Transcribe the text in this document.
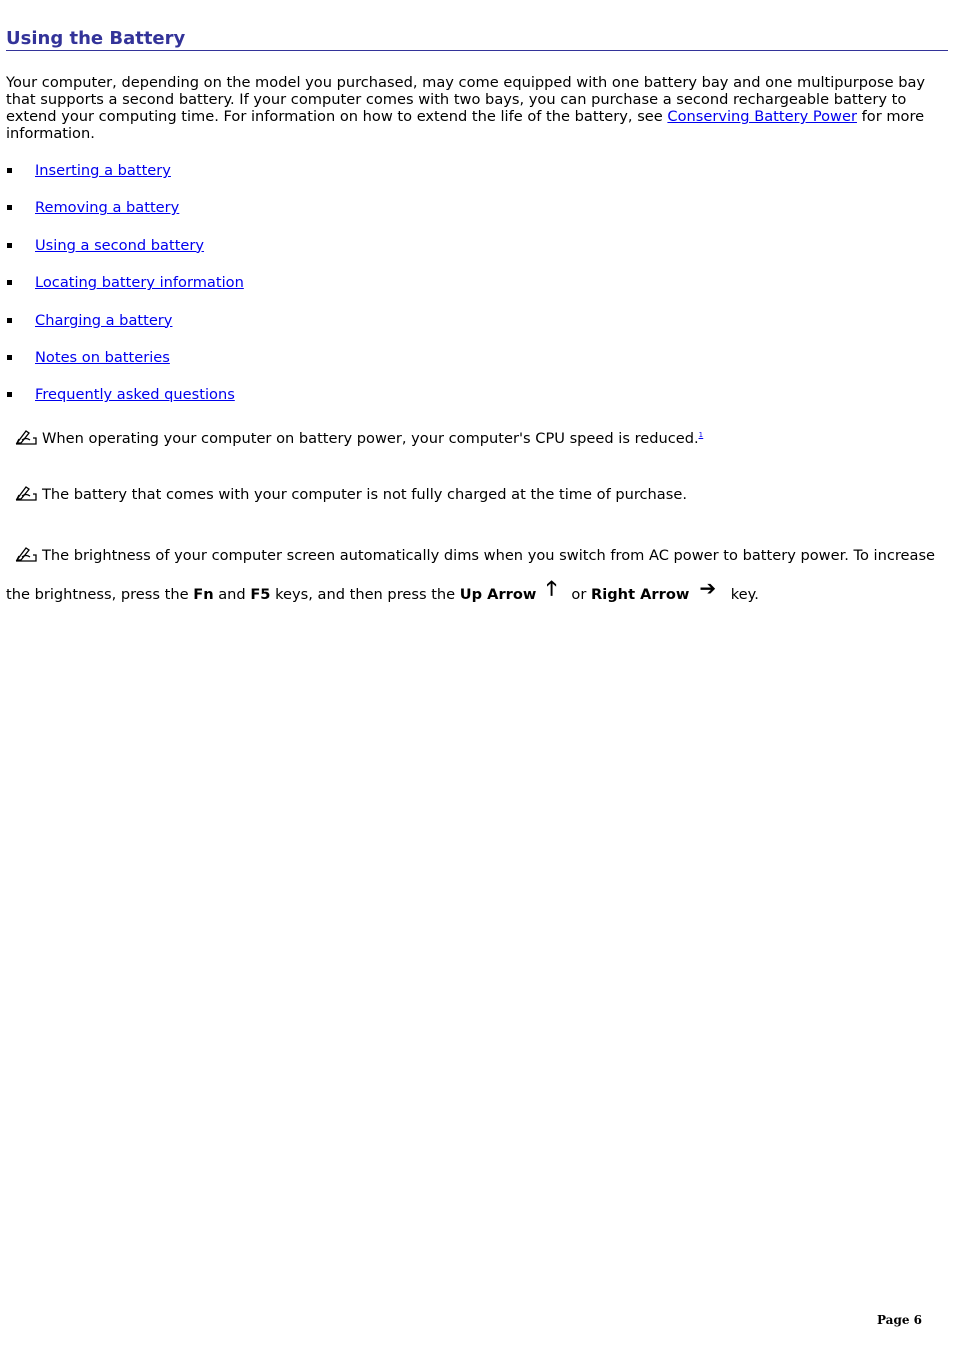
Using the Battery

Your computer, depending on the model you purchased, may come equipped with one battery bay and one multipurpose bay that supports a second battery. If your computer comes with two bays, you can purchase a second rechargeable battery to extend your computing time. For information on how to extend the life of the battery, see Conserving Battery Power for more information.

Inserting a battery
Removing a battery
Using a second battery
Locating battery information
Charging a battery
Notes on batteries
Frequently asked questions
When operating your computer on battery power, your computer's CPU speed is reduced.$^1$
The battery that comes with your computer is not fully charged at the time of purchase.
The brightness of your computer screen automatically dims when you switch from AC power to battery power. To increase the brightness, press the Fn and F5 keys, and then press the Up Arrow 🡑 or Right Arrow ➔ key.
Page 6
